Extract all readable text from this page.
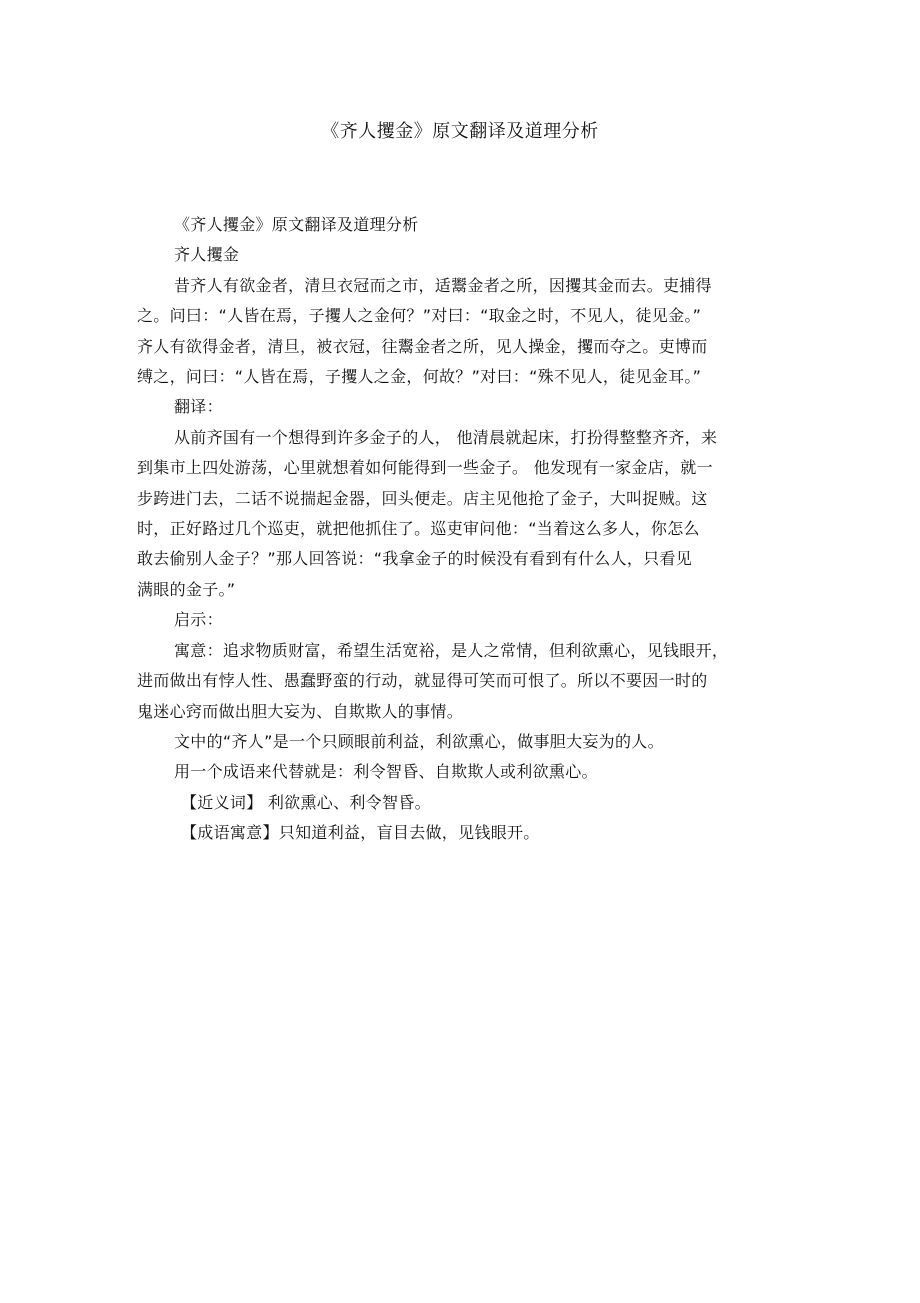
《齐人攫金》原文翻译及道理分析

《齐人攫金》原文翻译及道理分析

齐人攫金

昔齐人有欲金者，清旦衣冠而之市，适鬻金者之所，因攫其金而去。吏捕得
之。问曰：“人皆在焉，子攫人之金何？”对曰：“取金之时，不见人，徒见金。”
齐人有欲得金者，清旦，被衣冠，往鬻金者之所，见人操金，攫而夺之。吏博而
缚之，问曰：“人皆在焉，子攫人之金，何故？”对曰：“殊不见人，徒见金耳。”

翻译：

从前齐国有一个想得到许多金子的人， 他清晨就起床，打扮得整整齐齐，来
到集市上四处游荡，心里就想着如何能得到一些金子。 他发现有一家金店，就一
步跨进门去，二话不说揣起金器，回头便走。店主见他抢了金子，大叫捉贼。这
时，正好路过几个巡吏，就把他抓住了。巡吏审问他：“当着这么多人，你怎么
敢去偷别人金子？”那人回答说：“我拿金子的时候没有看到有什么人，只看见
满眼的金子。”

启示：

寓意：追求物质财富，希望生活宽裕，是人之常情，但利欲熏心，见钱眼开，
进而做出有悖人性、愚蠢野蛮的行动，就显得可笑而可恨了。所以不要因一时的
鬼迷心窍而做出胆大妄为、自欺欺人的事情。

文中的“齐人”是一个只顾眼前利益，利欲熏心，做事胆大妄为的人。

用一个成语来代替就是：利令智昏、自欺欺人或利欲熏心。

【近义词】 利欲熏心、利令智昏。

【成语寓意】只知道利益，盲目去做，见钱眼开。
